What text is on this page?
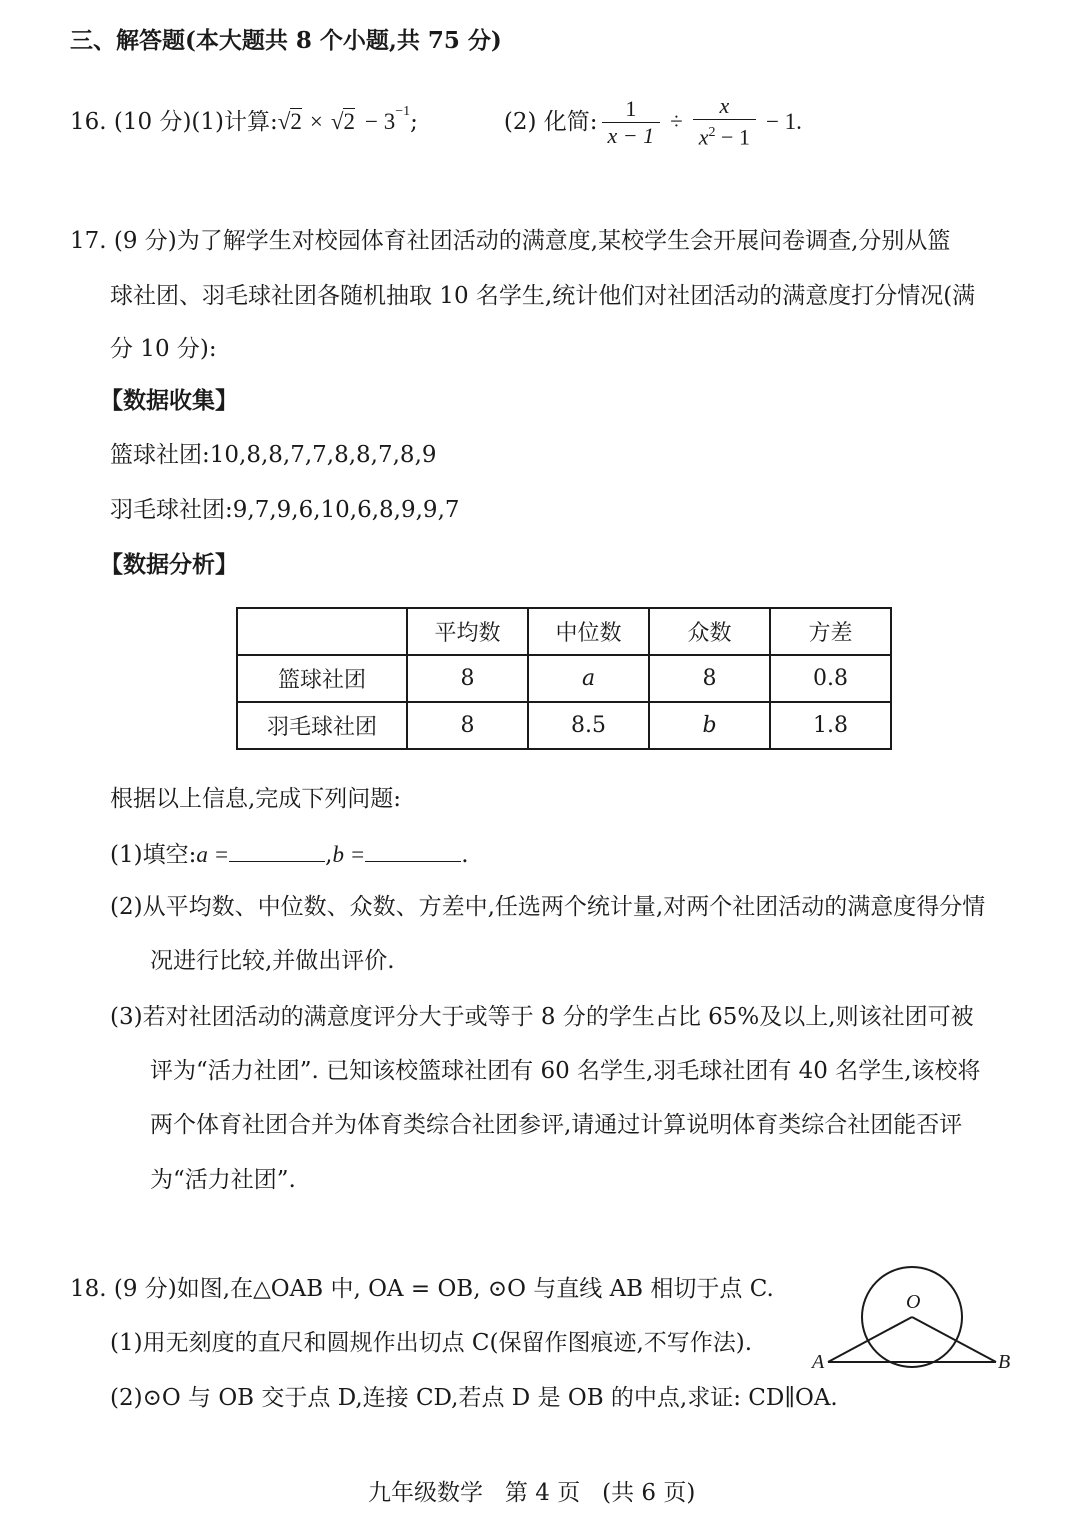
三、解答题(本大题共 8 个小题,共 75 分)
16. (10 分)(1)计算: $√2 \times √2 - 3^{-1}$ ;	(2) 化简: $\frac{1}{x - 1} \div \frac{x}{x^2 - 1} - 1$.
17. (9 分)为了解学生对校园体育社团活动的满意度,某校学生会开展问卷调查,分别从篮
球社团、羽毛球社团各随机抽取 10 名学生,统计他们对社团活动的满意度打分情况(满
分 10 分):
【数据收集】
篮球社团:10,8,8,7,7,8,8,7,8,9
羽毛球社团:9,7,9,6,10,6,8,9,9,7
【数据分析】
	平均数	中位数	众数	方差
篮球社团	8	a	8	0.8
羽毛球社团	8	8.5	b	1.8
根据以上信息,完成下列问题:
(1)填空:a =	,b =	.
(2)从平均数、中位数、众数、方差中,任选两个统计量,对两个社团活动的满意度得分情
况进行比较,并做出评价.
(3)若对社团活动的满意度评分大于或等于 8 分的学生占比 65%及以上,则该社团可被
评为“活力社团”. 已知该校篮球社团有 60 名学生,羽毛球社团有 40 名学生,该校将
两个体育社团合并为体育类综合社团参评,请通过计算说明体育类综合社团能否评
为“活力社团”.
18. (9 分)如图,在△OAB 中, OA = OB, ⊙O 与直线 AB 相切于点 C.
(1)用无刻度的直尺和圆规作出切点 C(保留作图痕迹,不写作法).
(2)⊙O 与 OB 交于点 D,连接 CD,若点 D 是 OB 的中点,求证: CD∥OA.
O
A	B
九年级数学   第 4 页   (共 6 页)
